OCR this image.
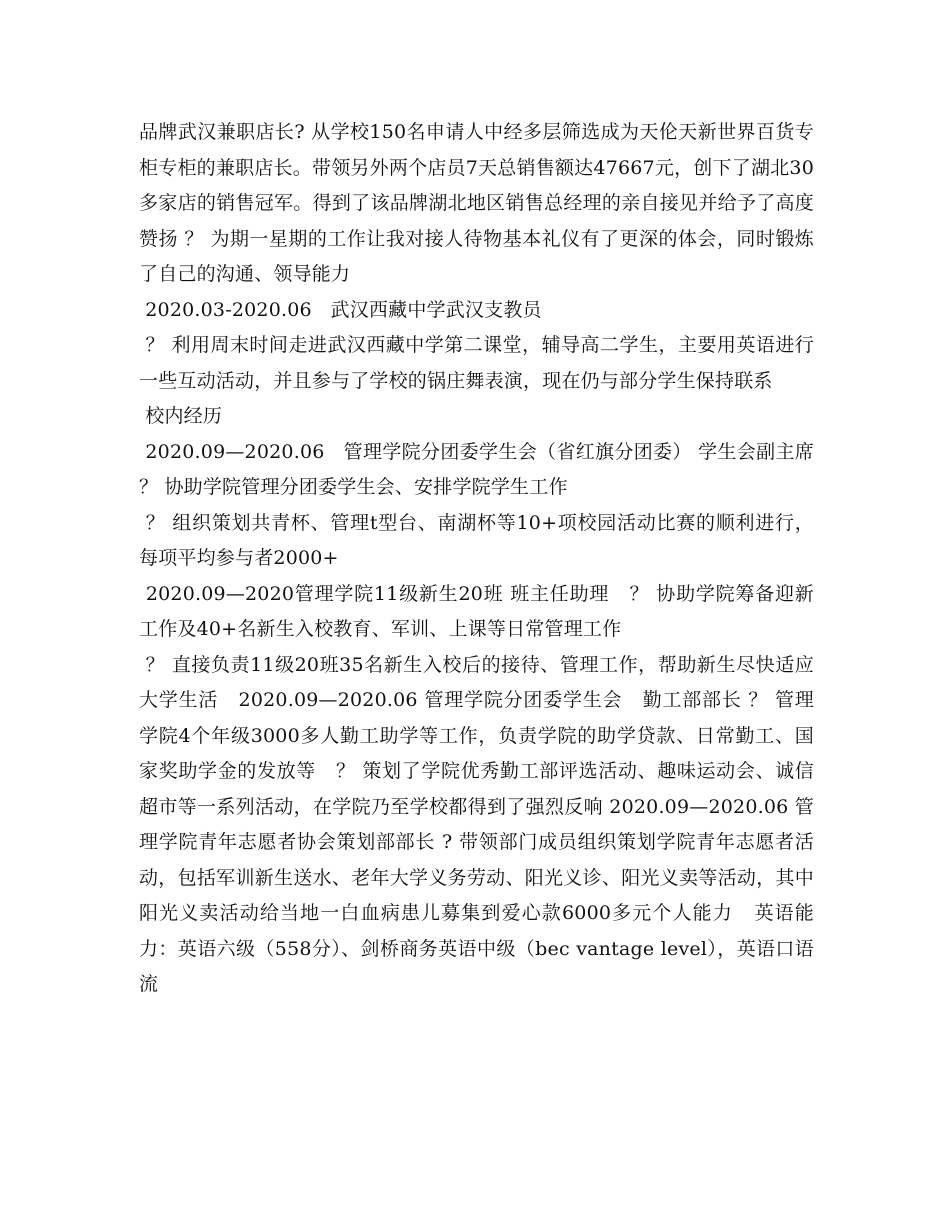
品牌武汉兼职店长? 从学校150名申请人中经多层筛选成为天伦天新世界百货专柜专柜的兼职店长。带领另外两个店员7天总销售额达47667元，创下了湖北30多家店的销售冠军。得到了该品牌湖北地区销售总经理的亲自接见并给予了高度赞扬 ？ 为期一星期的工作让我对接人待物基本礼仪有了更深的体会，同时锻炼了自己的沟通、领导能力

2020.03-2020.06   武汉西藏中学武汉支教员

？ 利用周末时间走进武汉西藏中学第二课堂，辅导高二学生，主要用英语进行一些互动活动，并且参与了学校的锅庄舞表演，现在仍与部分学生保持联系

校内经历

2020.09—2020.06   管理学院分团委学生会（省红旗分团委） 学生会副主席 ？ 协助学院管理分团委学生会、安排学院学生工作

？ 组织策划共青杯、管理t型台、南湖杯等10+项校园活动比赛的顺利进行，每项平均参与者2000+

2020.09—2020管理学院11级新生20班 班主任助理   ？ 协助学院筹备迎新工作及40+名新生入校教育、军训、上课等日常管理工作

？ 直接负责11级20班35名新生入校后的接待、管理工作，帮助新生尽快适应大学生活   2020.09—2020.06 管理学院分团委学生会   勤工部部长 ？ 管理学院4个年级3000多人勤工助学等工作，负责学院的助学贷款、日常勤工、国家奖助学金的发放等   ？ 策划了学院优秀勤工部评选活动、趣味运动会、诚信超市等一系列活动，在学院乃至学校都得到了强烈反响 2020.09—2020.06 管理学院青年志愿者协会策划部部长 ? 带领部门成员组织策划学院青年志愿者活动，包括军训新生送水、老年大学义务劳动、阳光义诊、阳光义卖等活动，其中阳光义卖活动给当地一白血病患儿募集到爱心款6000多元个人能力   英语能力：英语六级（558分）、剑桥商务英语中级（bec vantage level），英语口语流
